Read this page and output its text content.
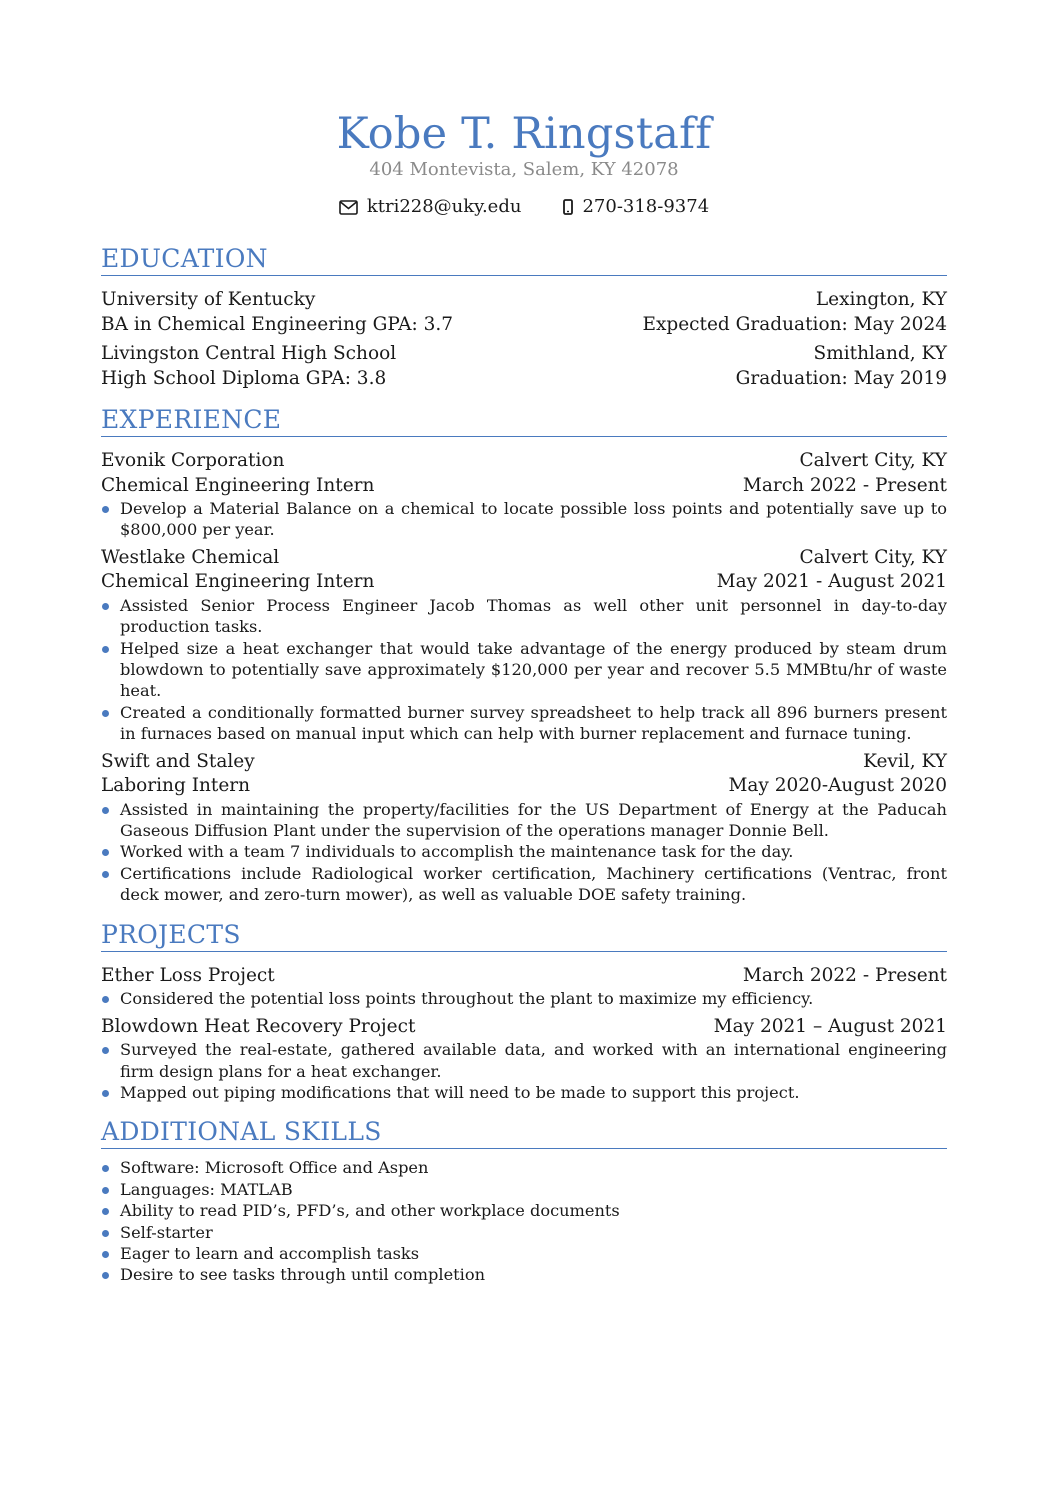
Kobe T. Ringstaff
404 Montevista, Salem, KY 42078
ktri228@uky.edu	270-318-9374
EDUCATION
University of Kentucky	Lexington, KY
BA in Chemical Engineering GPA: 3.7	Expected Graduation: May 2024
Livingston Central High School	Smithland, KY
High School Diploma GPA: 3.8	Graduation: May 2019
EXPERIENCE
Evonik Corporation	Calvert City, KY
Chemical Engineering Intern	March 2022 - Present
Develop a Material Balance on a chemical to locate possible loss points and potentially save up to $800,000 per year.
Westlake Chemical	Calvert City, KY
Chemical Engineering Intern	May 2021 - August 2021
Assisted Senior Process Engineer Jacob Thomas as well other unit personnel in day-to-day production tasks.
Helped size a heat exchanger that would take advantage of the energy produced by steam drum blowdown to potentially save approximately $120,000 per year and recover 5.5 MMBtu/hr of waste heat.
Created a conditionally formatted burner survey spreadsheet to help track all 896 burners present in furnaces based on manual input which can help with burner replacement and furnace tuning.
Swift and Staley	Kevil, KY
Laboring Intern	May 2020-August 2020
Assisted in maintaining the property/facilities for the US Department of Energy at the Paducah Gaseous Diffusion Plant under the supervision of the operations manager Donnie Bell.
Worked with a team 7 individuals to accomplish the maintenance task for the day.
Certifications include Radiological worker certification, Machinery certifications (Ventrac, front deck mower, and zero-turn mower), as well as valuable DOE safety training.
PROJECTS
Ether Loss Project	March 2022 - Present
Considered the potential loss points throughout the plant to maximize my efficiency.
Blowdown Heat Recovery Project	May 2021 – August 2021
Surveyed the real-estate, gathered available data, and worked with an international engineering firm design plans for a heat exchanger.
Mapped out piping modifications that will need to be made to support this project.
ADDITIONAL SKILLS
Software: Microsoft Office and Aspen
Languages: MATLAB
Ability to read PID’s, PFD’s, and other workplace documents
Self-starter
Eager to learn and accomplish tasks
Desire to see tasks through until completion
